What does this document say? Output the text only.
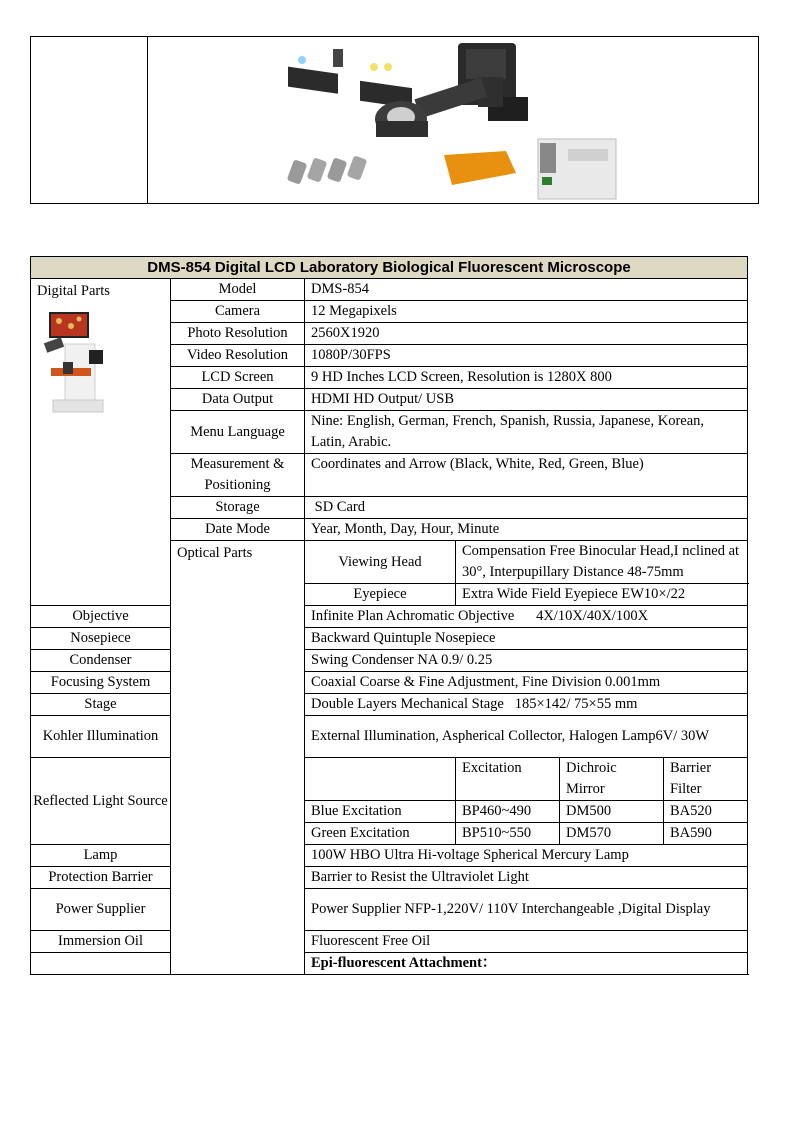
DMS-854 Digital LCD Laboratory Biological Fluorescent Microscope					

Digital Parts	Model	DMS-854			
	Camera	12 Megapixels			
	Photo Resolution	2560X1920			
	Video Resolution	1080P/30FPS			
	LCD Screen	9 HD Inches LCD Screen, Resolution is 1280X 800			
	Data Output	HDMI HD Output/ USB			
	Menu Language	Nine: English, German, French, Spanish, Russia, Japanese, Korean, Latin, Arabic.			
	Measurement & Positioning	Coordinates and Arrow (Black, White, Red, Green, Blue)			
	Storage	SD Card			
	Date Mode	Year, Month, Day, Hour, Minute			

	Optical Parts	Viewing Head	Compensation Free Binocular Head,I nclined at 30°, Interpupillary Distance 48-75mm		
		Eyepiece	Extra Wide Field Eyepiece EW10×/22		
Objective		Infinite Plan Achromatic Objective      4X/10X/40X/100X			
Nosepiece		Backward Quintuple Nosepiece			
Condenser		Swing Condenser NA 0.9/ 0.25			
Focusing System		Coaxial Coarse & Fine Adjustment, Fine Division 0.001mm			
Stage		Double Layers Mechanical Stage   185×142/ 75×55 mm			
Kohler Illumination		External Illumination, Aspherical Collector, Halogen Lamp6V/ 30W			
Reflected Light Source			Excitation	Dichroic Mirror	Barrier Filter
		Blue Excitation	BP460~490	DM500	BA520
		Green Excitation	BP510~550	DM570	BA590
Lamp		100W HBO Ultra Hi-voltage Spherical Mercury Lamp			
Protection Barrier		Barrier to Resist the Ultraviolet Light			
Power Supplier		Power Supplier NFP-1,220V/ 110V Interchangeable ,Digital Display			
Immersion Oil		Fluorescent Free Oil			
		Epi-fluorescent Attachment：			
